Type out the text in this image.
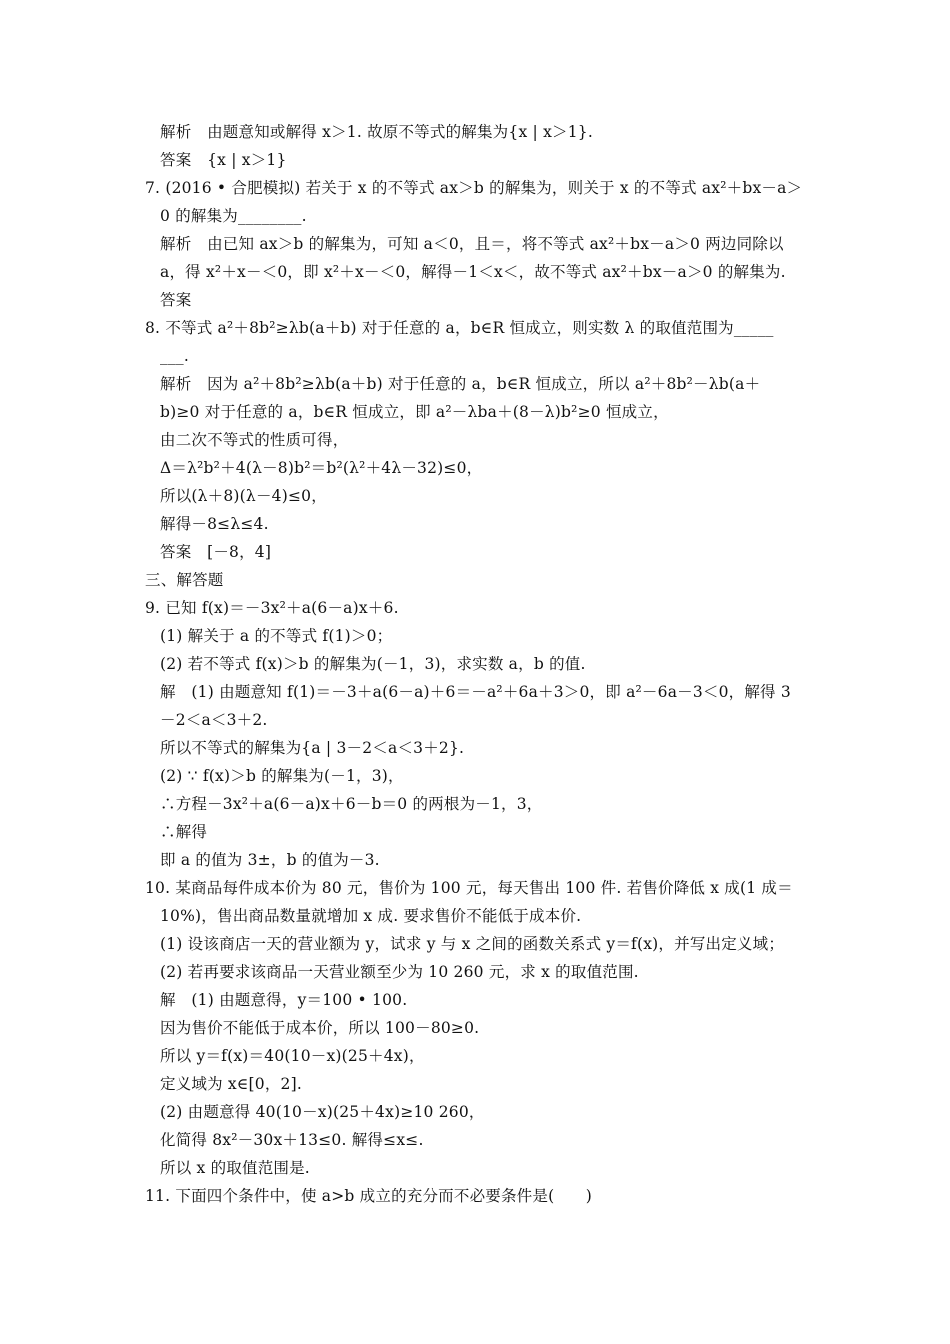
解析　由题意知或解得 x＞1. 故原不等式的解集为{x | x＞1}.
答案　{x | x＞1}
7. (2016 • 合肥模拟) 若关于 x 的不等式 ax＞b 的解集为，则关于 x 的不等式 ax²＋bx－a＞
0 的解集为________.
解析　由已知 ax＞b 的解集为，可知 a＜0，且＝，将不等式 ax²＋bx－a＞0 两边同除以
a，得 x²＋x－＜0，即 x²＋x－＜0，解得－1＜x＜，故不等式 ax²＋bx－a＞0 的解集为.
答案
8. 不等式 a²＋8b²≥λb(a＋b) 对于任意的 a，b∈R 恒成立，则实数 λ 的取值范围为_____
___.
解析　因为 a²＋8b²≥λb(a＋b) 对于任意的 a，b∈R 恒成立，所以 a²＋8b²－λb(a＋
b)≥0 对于任意的 a，b∈R 恒成立，即 a²－λba＋(8－λ)b²≥0 恒成立，
由二次不等式的性质可得，
Δ＝λ²b²＋4(λ－8)b²＝b²(λ²＋4λ－32)≤0，
所以(λ＋8)(λ－4)≤0，
解得－8≤λ≤4.
答案　[－8，4]
三、解答题
9. 已知 f(x)＝－3x²＋a(6－a)x＋6.
(1) 解关于 a 的不等式 f(1)＞0；
(2) 若不等式 f(x)＞b 的解集为(－1，3)，求实数 a，b 的值.
解　(1) 由题意知 f(1)＝－3＋a(6－a)＋6＝－a²＋6a＋3＞0，即 a²－6a－3＜0，解得 3
－2＜a＜3＋2.
所以不等式的解集为{a | 3－2＜a＜3＋2}.
(2) ∵ f(x)＞b 的解集为(－1，3)，
∴方程－3x²＋a(6－a)x＋6－b＝0 的两根为－1，3，
∴解得
即 a 的值为 3±，b 的值为－3.
10. 某商品每件成本价为 80 元，售价为 100 元，每天售出 100 件. 若售价降低 x 成(1 成＝
10%)，售出商品数量就增加 x 成. 要求售价不能低于成本价.
(1) 设该商店一天的营业额为 y，试求 y 与 x 之间的函数关系式 y＝f(x)，并写出定义域；
(2) 若再要求该商品一天营业额至少为 10 260 元，求 x 的取值范围.
解　(1) 由题意得，y＝100 • 100.
因为售价不能低于成本价，所以 100－80≥0.
所以 y＝f(x)＝40(10－x)(25＋4x)，
定义域为 x∈[0，2].
(2) 由题意得 40(10－x)(25＋4x)≥10 260，
化简得 8x²－30x＋13≤0. 解得≤x≤.
所以 x 的取值范围是.
11. 下面四个条件中，使 a>b 成立的充分而不必要条件是(　　)
